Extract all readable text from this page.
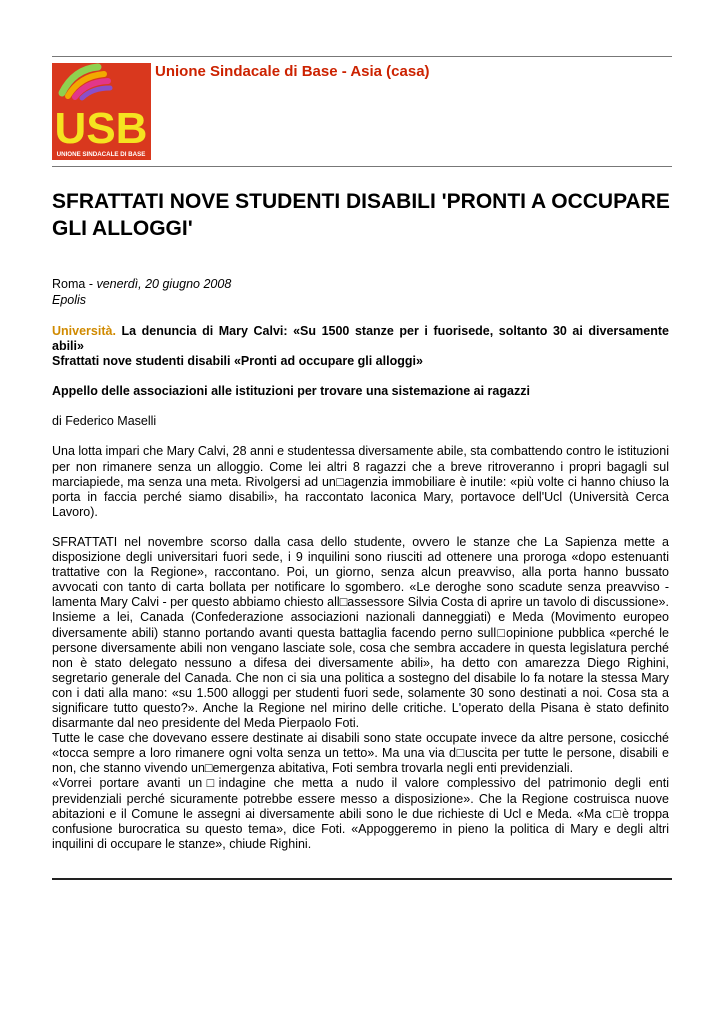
USB
UNIONE SINDACALE DI BASE
Unione Sindacale di Base - Asia (casa)
SFRATTATI NOVE STUDENTI DISABILI 'PRONTI A OCCUPARE GLI ALLOGGI'
Roma - venerdì, 20 giugno 2008
Epolis

Università. La denuncia di Mary Calvi: «Su 1500 stanze per i fuorisede, soltanto 30 ai diversamente abili»

Sfrattati nove studenti disabili «Pronti ad occupare gli alloggi»

Appello delle associazioni alle istituzioni per trovare una sistemazione ai ragazzi

di Federico Maselli

Una lotta impari che Mary Calvi, 28 anni e studentessa diversamente abile, sta combattendo contro le istituzioni per non rimanere senza un alloggio. Come lei altri 8 ragazzi che a breve ritroveranno i propri bagagli sul marciapiede, ma senza una meta. Rivolgersi ad un□agenzia immobiliare è inutile: «più volte ci hanno chiuso la porta in faccia perché siamo disabili», ha raccontato laconica Mary, portavoce dell'Ucl (Università Cerca Lavoro).

SFRATTATI nel novembre scorso dalla casa dello studente, ovvero le stanze che La Sapienza mette a disposizione degli universitari fuori sede, i 9 inquilini sono riusciti ad ottenere una proroga «dopo estenuanti trattative con la Regione», raccontano. Poi, un giorno, senza alcun preavviso, alla porta hanno bussato avvocati con tanto di carta bollata per notificare lo sgombero. «Le deroghe sono scadute senza preavviso - lamenta Mary Calvi - per questo abbiamo chiesto all□assessore Silvia Costa di aprire un tavolo di discussione». Insieme a lei, Canada (Confederazione associazioni nazionali danneggiati) e Meda (Movimento europeo diversamente abili) stanno portando avanti questa battaglia facendo perno sull□opinione pubblica «perché le persone diversamente abili non vengano lasciate sole, cosa che sembra accadere in questa legislatura perché non è stato delegato nessuno a difesa dei diversamente abili», ha detto con amarezza Diego Righini, segretario generale del Canada. Che non ci sia una politica a sostegno del disabile lo fa notare la stessa Mary con i dati alla mano: «su 1.500 alloggi per studenti fuori sede, solamente 30 sono destinati a noi. Cosa sta a significare tutto questo?». Anche la Regione nel mirino delle critiche. L'operato della Pisana è stato definito disarmante dal neo presidente del Meda Pierpaolo Foti.

Tutte le case che dovevano essere destinate ai disabili sono state occupate invece da altre persone, cosicché «tocca sempre a loro rimanere ogni volta senza un tetto». Ma una via d□uscita per tutte le persone, disabili e non, che stanno vivendo un□emergenza abitativa, Foti sembra trovarla negli enti previdenziali.

«Vorrei portare avanti un□indagine che metta a nudo il valore complessivo del patrimonio degli enti previdenziali perché sicuramente potrebbe essere messo a disposizione». Che la Regione costruisca nuove abitazioni e il Comune le assegni ai diversamente abili sono le due richieste di Ucl e Meda. «Ma c□è troppa confusione burocratica su questo tema», dice Foti. «Appoggeremo in pieno la politica di Mary e degli altri inquilini di occupare le stanze», chiude Righini.
